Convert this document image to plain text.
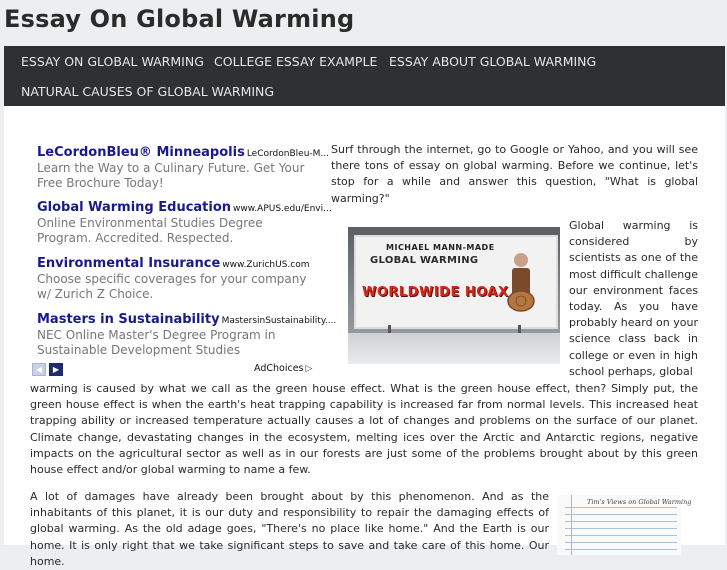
Essay On Global Warming
ESSAY ON GLOBAL WARMING COLLEGE ESSAY EXAMPLE ESSAY ABOUT GLOBAL WARMING
NATURAL CAUSES OF GLOBAL WARMING
LeCordonBleu® Minneapolis LeCordonBleu-M...
Learn the Way to a Culinary Future. Get Your Free Brochure Today!
Global Warming Education www.APUS.edu/Envi...
Online Environmental Studies Degree Program. Accredited. Respected.
Environmental Insurance www.ZurichUS.com
Choose specific coverages for your company w/ Zurich Z Choice.
Masters in Sustainability MastersinSustainability....
NEC Online Master's Degree Program in Sustainable Development Studies
◀ ▶	AdChoices ▷
Surf through the internet, go to Google or Yahoo, and you will see there tons of essay on global warming. Before we continue, let's stop for a while and answer this question, "What is global warming?"
MICHAEL MANN-MADE
GLOBAL WARMING
WORLDWIDE HOAX
Global warming is considered by scientists as one of the most difficult challenge our environment faces today. As you have probably heard on your science class back in college or even in high school perhaps, global
warming is caused by what we call as the green house effect. What is the green house effect, then? Simply put, the green house effect is when the earth's heat trapping capability is increased far from normal levels. This increased heat trapping ability or increased temperature actually causes a lot of changes and problems on the surface of our planet. Climate change, devastating changes in the ecosystem, melting ices over the Arctic and Antarctic regions, negative impacts on the agricultural sector as well as in our forests are just some of the problems brought about by this green house effect and/or global warming to name a few.
A lot of damages have already been brought about by this phenomenon. And as the inhabitants of this planet, it is our duty and responsibility to repair the damaging effects of global warming. As the old adage goes, "There's no place like home." And the Earth is our home. It is only right that we take significant steps to save and take care of this home. Our home.
Tim's Views on Global Warming
